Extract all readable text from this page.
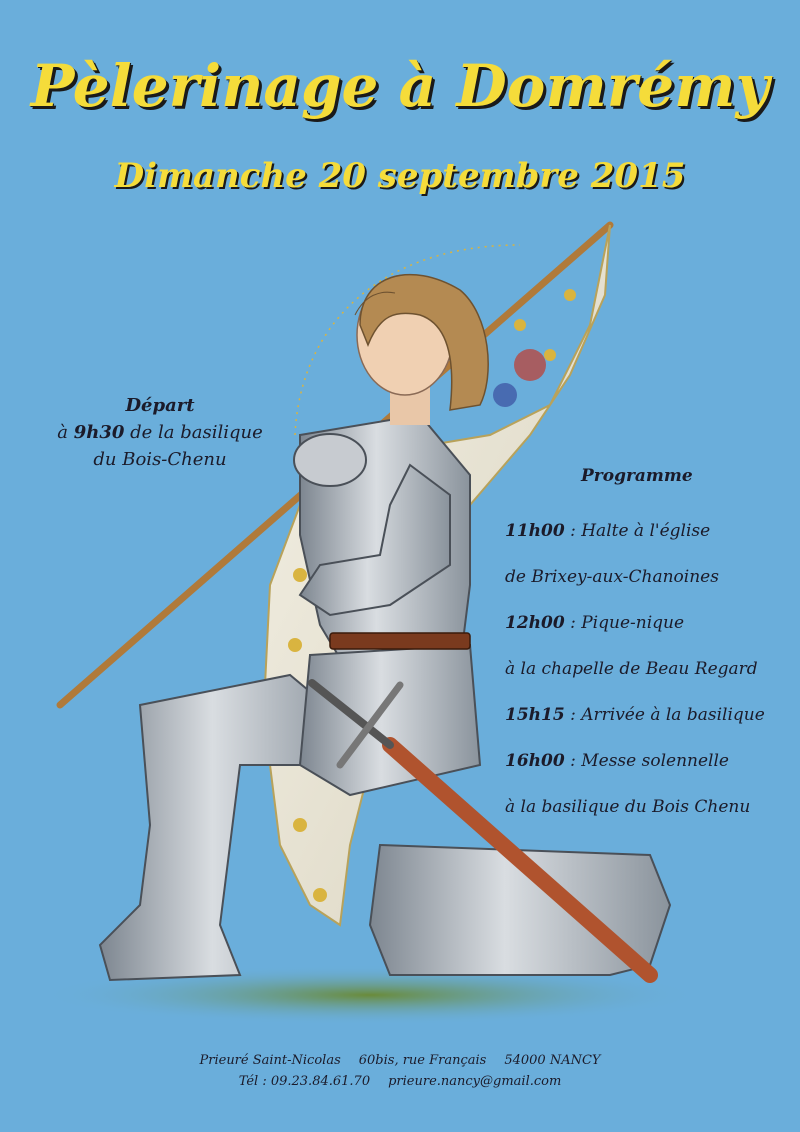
Pèlerinage à Domrémy
Dimanche 20 septembre 2015
Départ
à 9h30 de la basilique
du Bois-Chenu
Programme
11h00 : Halte à l'église
de Brixey-aux-Chanoines
12h00 : Pique-nique
à la chapelle de Beau Regard
15h15 : Arrivée à la basilique
16h00 : Messe solennelle
à la basilique du Bois Chenu
Prieuré Saint-Nicolas 60bis, rue Français 54000 NANCY
Tél : 09.23.84.61.70 prieure.nancy@gmail.com
